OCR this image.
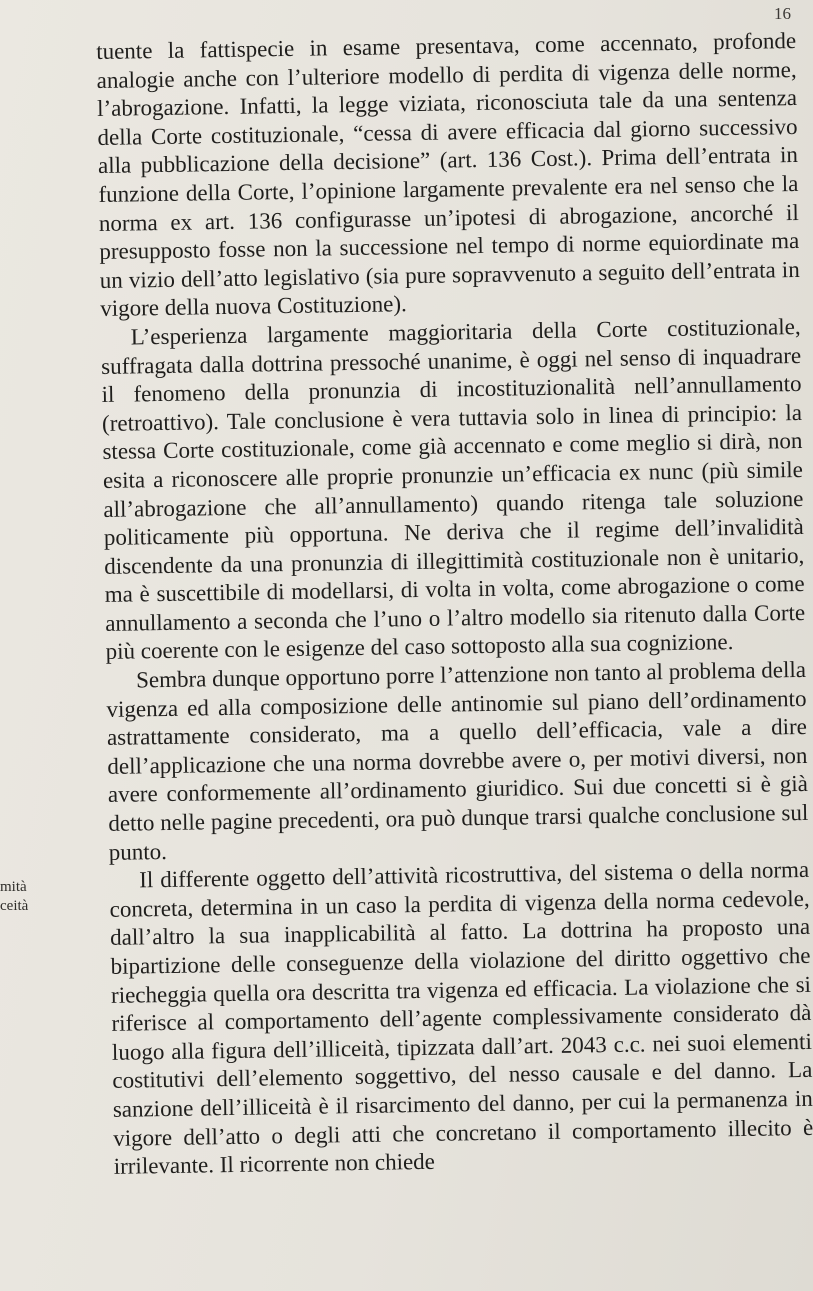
16
mità
ceità

tuente la fattispecie in esame presentava, come accennato, profonde analogie anche con l’ulteriore modello di perdita di vigenza delle norme, l’abrogazione. Infatti, la legge viziata, riconosciuta tale da una sentenza della Corte costituzionale, “cessa di avere efficacia dal giorno successivo alla pubblicazione della decisione” (art. 136 Cost.). Prima dell’entrata in funzione della Corte, l’opinione largamente prevalente era nel senso che la norma ex art. 136 configurasse un’ipotesi di abrogazione, ancorché il presupposto fosse non la successione nel tempo di norme equiordinate ma un vizio dell’atto legislativo (sia pure sopravvenuto a seguito dell’entrata in vigore della nuova Costituzione).

L’esperienza largamente maggioritaria della Corte costituzionale, suffragata dalla dottrina pressoché unanime, è oggi nel senso di inquadrare il fenomeno della pronunzia di incostituzionalità nell’annullamento (retroattivo). Tale conclusione è vera tuttavia solo in linea di principio: la stessa Corte costituzionale, come già accennato e come meglio si dirà, non esita a riconoscere alle proprie pronunzie un’efficacia ex nunc (più simile all’abrogazione che all’annullamento) quando ritenga tale soluzione politicamente più opportuna. Ne deriva che il regime dell’invalidità discendente da una pronunzia di illegittimità costituzionale non è unitario, ma è suscettibile di modellarsi, di volta in volta, come abrogazione o come annullamento a seconda che l’uno o l’altro modello sia ritenuto dalla Corte più coerente con le esigenze del caso sottoposto alla sua cognizione.

Sembra dunque opportuno porre l’attenzione non tanto al problema della vigenza ed alla composizione delle antinomie sul piano dell’ordinamento astrattamente considerato, ma a quello dell’efficacia, vale a dire dell’applicazione che una norma dovrebbe avere o, per motivi diversi, non avere conformemente all’ordinamento giuridico. Sui due concetti si è già detto nelle pagine precedenti, ora può dunque trarsi qualche conclusione sul punto.

Il differente oggetto dell’attività ricostruttiva, del sistema o della norma concreta, determina in un caso la perdita di vigenza della norma cedevole, dall’altro la sua inapplicabilità al fatto. La dottrina ha proposto una bipartizione delle conseguenze della violazione del diritto oggettivo che riecheggia quella ora descritta tra vigenza ed efficacia. La violazione che si riferisce al comportamento dell’agente complessivamente considerato dà luogo alla figura dell’illiceità, tipizzata dall’art. 2043 c.c. nei suoi elementi costitutivi dell’elemento soggettivo, del nesso causale e del danno. La sanzione dell’illiceità è il risarcimento del danno, per cui la permanenza in vigore dell’atto o degli atti che concretano il comportamento illecito è irrilevante. Il ricorrente non chiede
